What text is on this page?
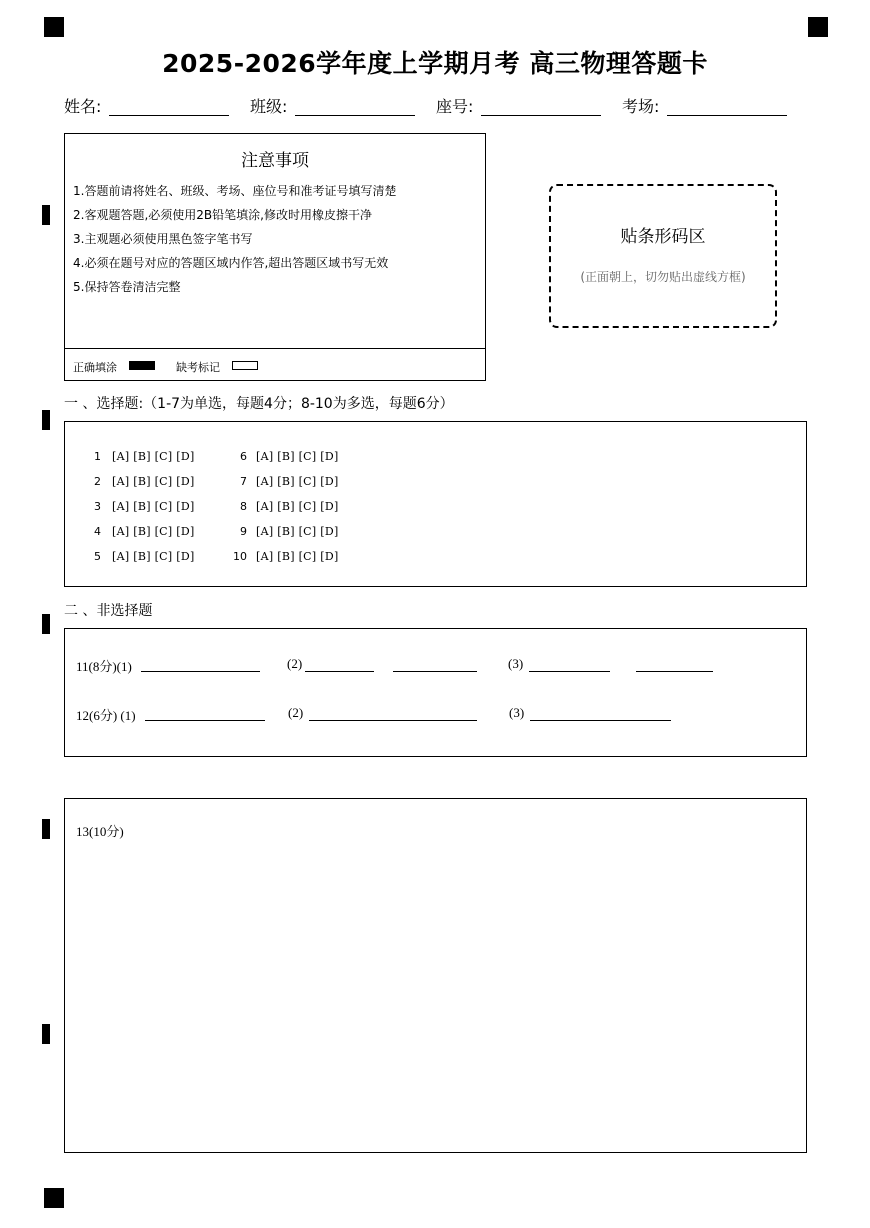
2025-2026学年度上学期月考 高三物理答题卡
姓名:	班级:	座号:	考场:
注意事项
1.答题前请将姓名、班级、考场、座位号和准考证号填写清楚
2.客观题答题,必须使用2B铅笔填涂,修改时用橡皮擦干净
3.主观题必须使用黑色签字笔书写
4.必须在题号对应的答题区域内作答,超出答题区域书写无效
5.保持答卷清洁完整
正确填涂	缺考标记
贴条形码区
(正面朝上，切勿贴出虚线方框)
一 、选择题:（1-7为单选，每题4分；8-10为多选，每题6分）
1 [A] [B] [C] [D]
2 [A] [B] [C] [D]
3 [A] [B] [C] [D]
4 [A] [B] [C] [D]
5 [A] [B] [C] [D]
6 [A] [B] [C] [D]
7 [A] [B] [C] [D]
8 [A] [B] [C] [D]
9 [A] [B] [C] [D]
10 [A] [B] [C] [D]
二 、非选择题
11(8分)(1)	(2)	(3)
12(6分) (1)	(2)	(3)
13(10分)
